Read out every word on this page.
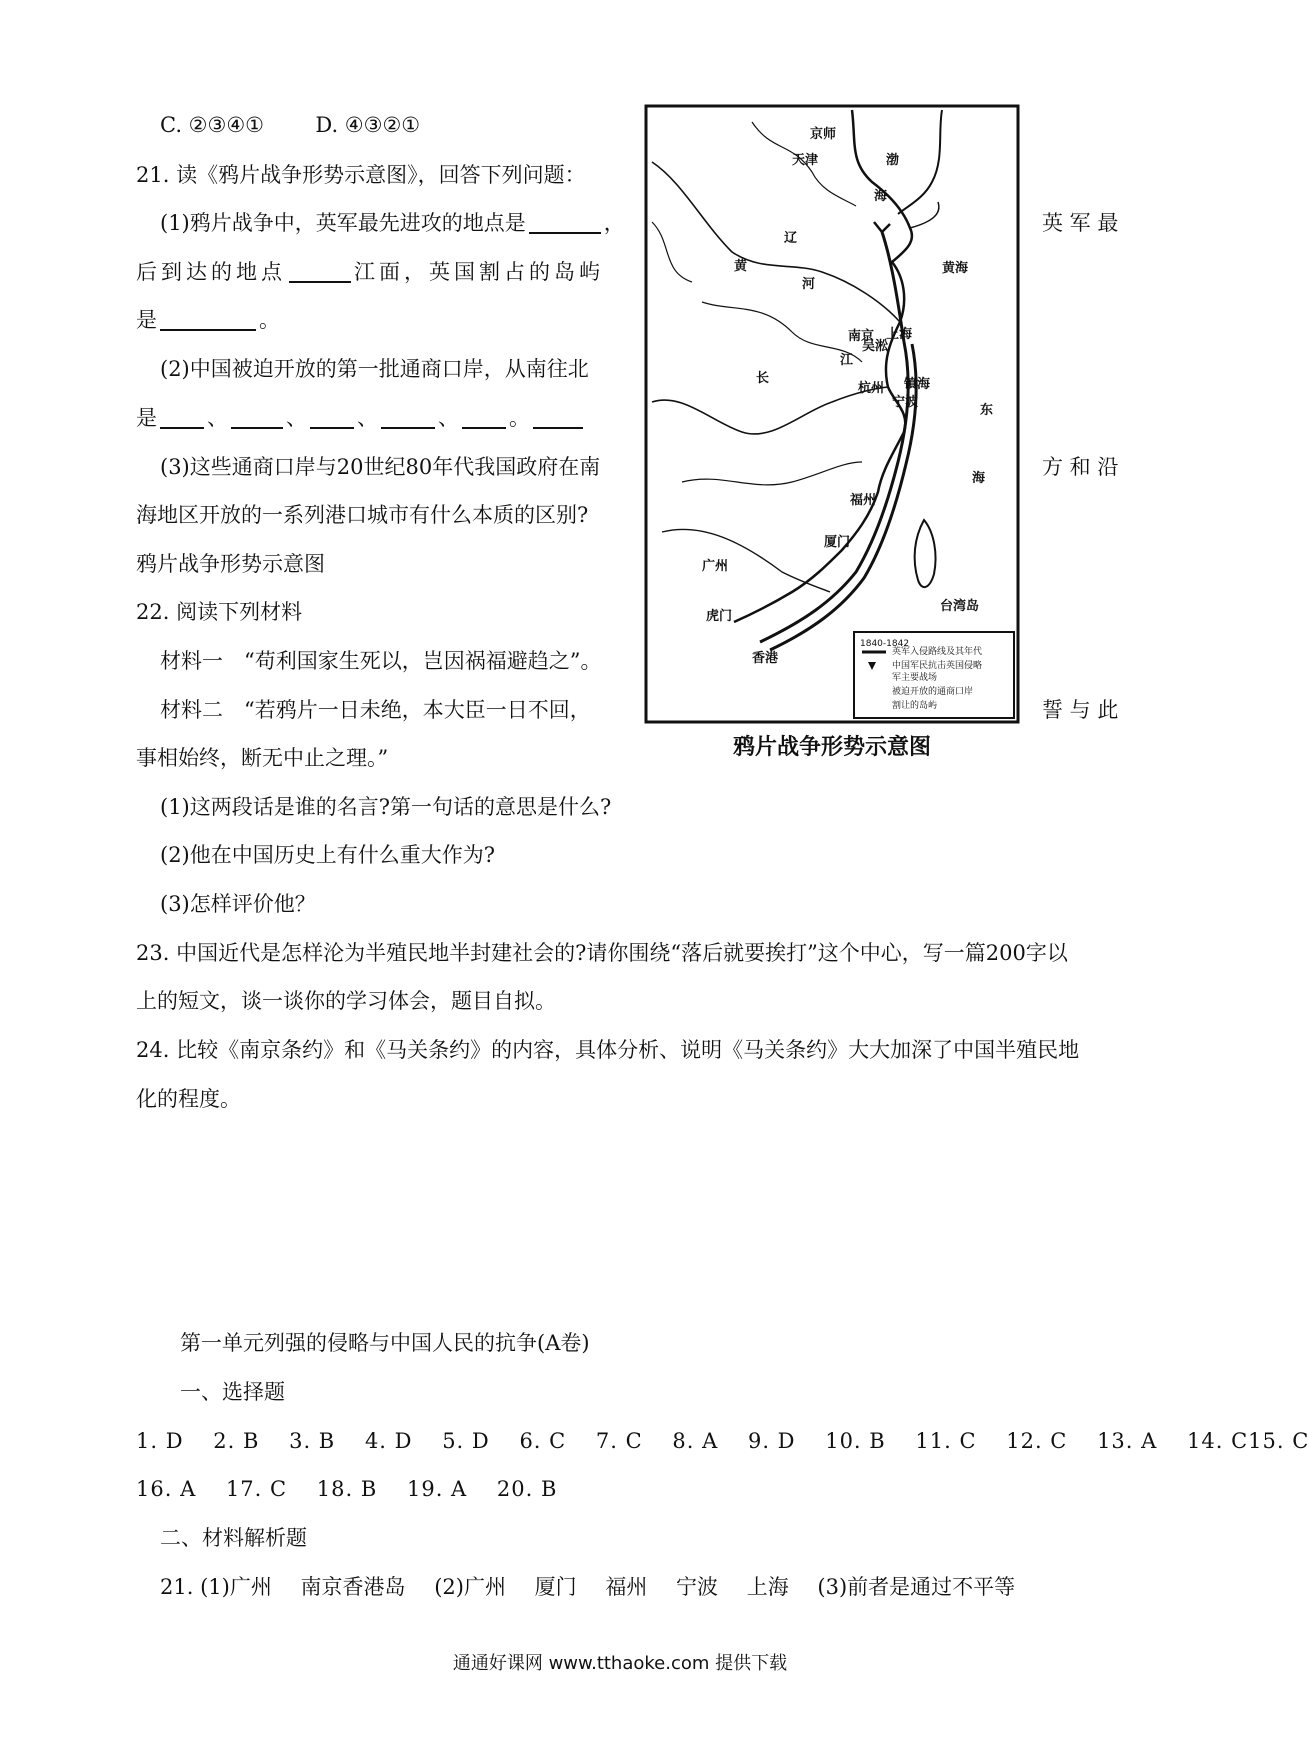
C. ②③④① D. ④③②①
21. 读《鸦片战争形势示意图》，回答下列问题：
(1)鸦片战争中，英军最先进攻的地点是	，	英 军 最
后到达的地点	江面，英国割占的岛屿
是	。
(2)中国被迫开放的第一批通商口岸，从南往北
是 、	、 、	、 。
(3)这些通商口岸与20世纪80年代我国政府在南	方 和 沿
海地区开放的一系列港口城市有什么本质的区别?
鸦片战争形势示意图
22. 阅读下列材料
材料一　“苟利国家生死以，岂因祸福避趋之”。
材料二　“若鸦片一日未绝，本大臣一日不回，	誓 与 此
事相始终，断无中止之理。”
(1)这两段话是谁的名言?第一句话的意思是什么?
(2)他在中国历史上有什么重大作为?
(3)怎样评价他？
23. 中国近代是怎样沦为半殖民地半封建社会的?请你围绕“落后就要挨打”这个中心，写一篇200字以
上的短文，谈一谈你的学习体会，题目自拟。
24. 比较《南京条约》和《马关条约》的内容，具体分析、说明《马关条约》大大加深了中国半殖民地
化的程度。
京师
天津	渤
海
黄海
黄
河
辽
南京
江
吴淞
上海
杭州 镇海
宁波
长
东
海
福州
厦门
广州
虎门
香港
台湾岛
1840-1842
英军入侵路线及其年代
中国军民抗击英国侵略
军主要战场
被迫开放的通商口岸
割让的岛屿
鸦片战争形势示意图
第一单元列强的侵略与中国人民的抗争(A卷)
一、选择题
1. D 2. B 3. B 4. D 5. D 6. C 7. C 8. A 9. D 10. B 11. C 12. C 13. A 14. C15. C
16. A 17. C 18. B 19. A 20. B
二、材料解析题
21. (1)广州 南京香港岛 (2)广州 厦门 福州 宁波 上海 (3)前者是通过不平等
通通好课网 www.tthaoke.com 提供下载
